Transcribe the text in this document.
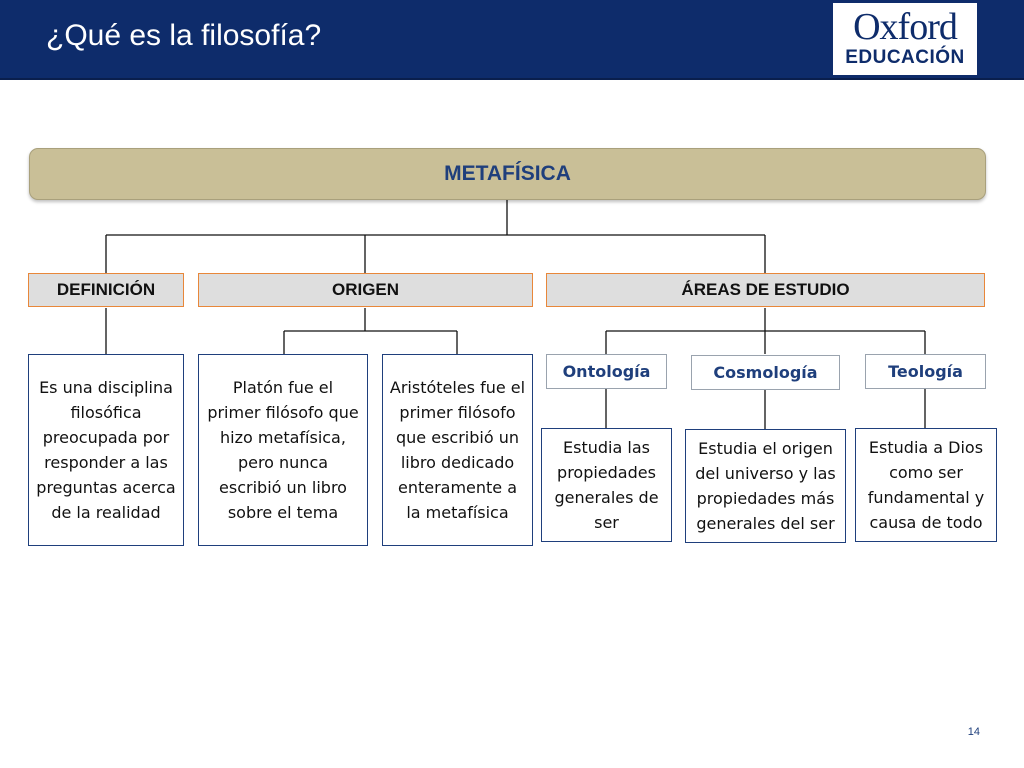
¿Qué es la filosofía?	Oxford
EDUCACIÓN
METAFÍSICA
DEFINICIÓN	ORIGEN	ÁREAS DE ESTUDIO
Es una disciplina filosófica preocupada por responder a las preguntas acerca de la realidad
Platón fue el primer filósofo que hizo metafísica, pero nunca escribió un libro sobre el tema
Aristóteles fue el primer filósofo que escribió un libro dedicado enteramente a la metafísica
Ontología	Cosmología	Teología
Estudia las propiedades generales de ser
Estudia el origen del universo y las propiedades más generales del ser
Estudia a Dios como ser fundamental y causa de todo
14
